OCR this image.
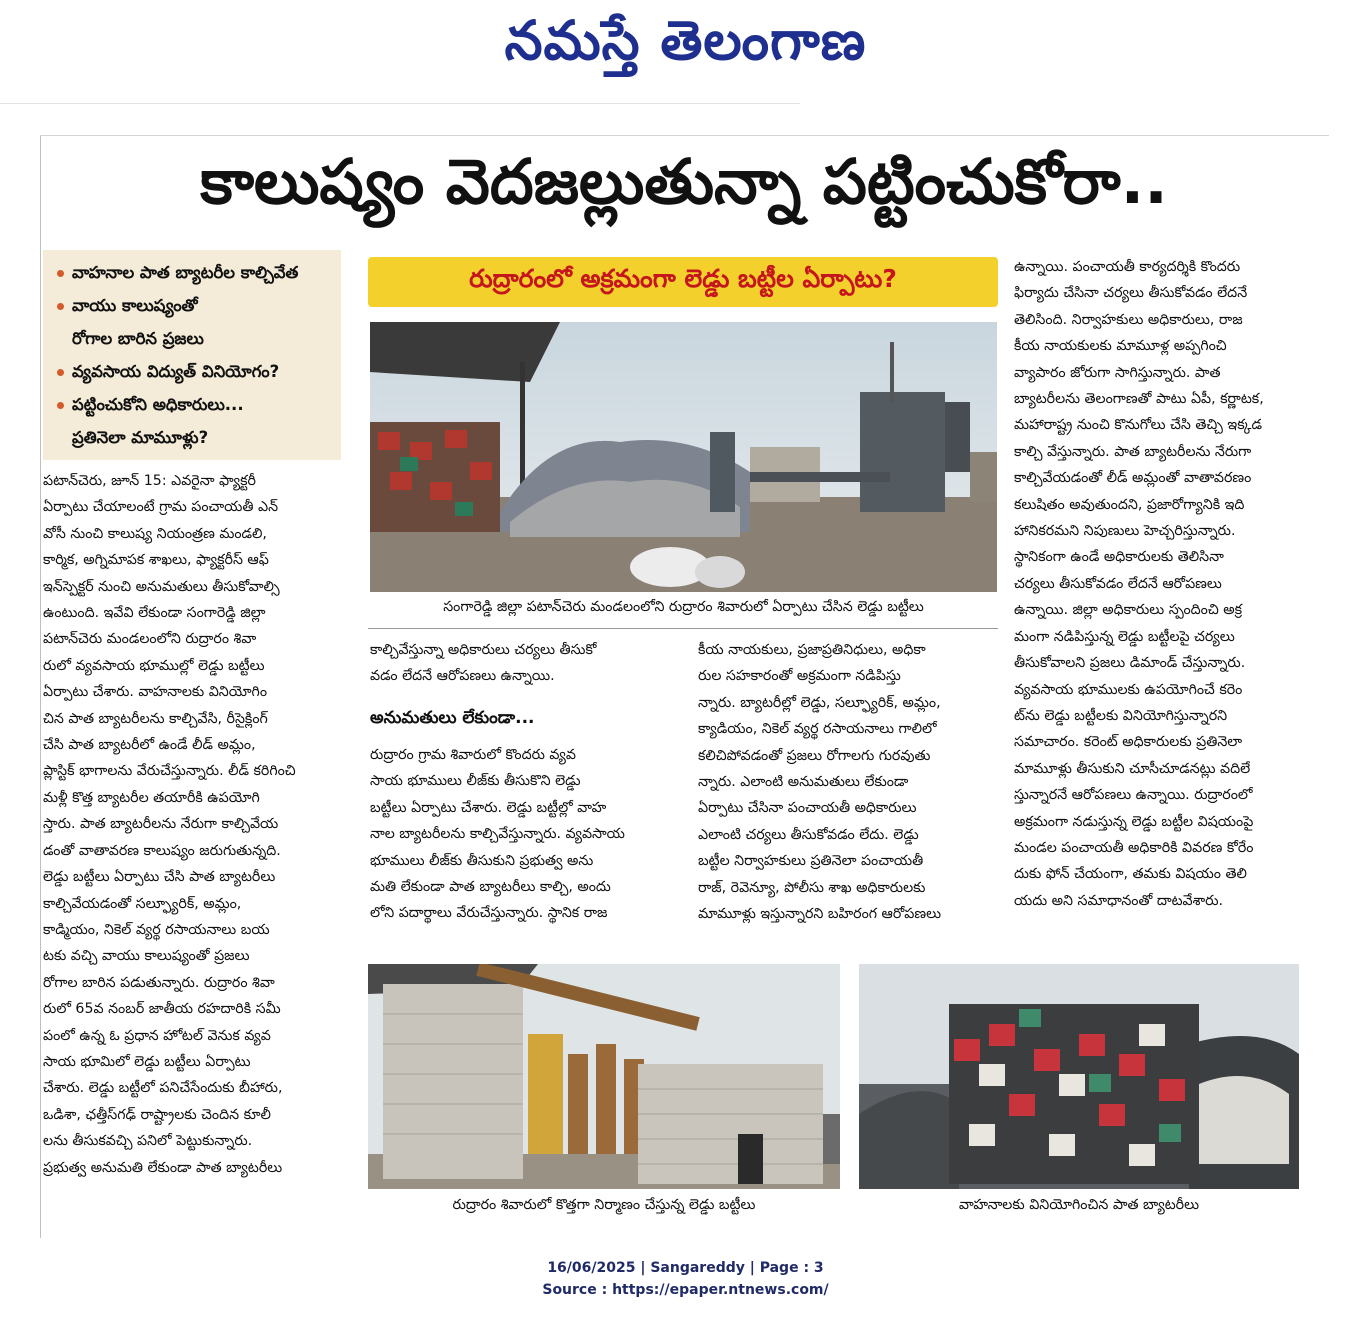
నమస్తే తెలంగాణ
కాలుష్యం వెదజల్లుతున్నా పట్టించుకోరా..
వాహనాల పాత బ్యాటరీల కాల్చివేత
వాయు కాలుష్యంతో
రోగాల బారిన ప్రజలు
వ్యవసాయ విద్యుత్ వినియోగం?
పట్టించుకోని అధికారులు...
ప్రతినెలా మామూళ్లు?

పటాన్‌చెరు, జూన్ 15: ఎవరైనా ఫ్యాక్టరీ

ఏర్పాటు చేయాలంటే గ్రామ పంచాయతీ ఎన్

వోసీ నుంచి కాలుష్య నియంత్రణ మండలి,

కార్మిక, అగ్నిమాపక శాఖలు, ఫ్యాక్టరీస్ ఆఫ్

ఇన్‌స్పెక్టర్ నుంచి అనుమతులు తీసుకోవాల్సి

ఉంటుంది. ఇవేవి లేకుండా సంగారెడ్డి జిల్లా

పటాన్‌చెరు మండలంలోని రుద్రారం శివా

రులో వ్యవసాయ భూముల్లో లెడ్డు బట్టీలు

ఏర్పాటు చేశారు. వాహనాలకు వినియోగిం

చిన పాత బ్యాటరీలను కాల్చివేసి, రీసైక్లింగ్

చేసి పాత బ్యాటరీలో ఉండే లీడ్ అమ్లం,

ప్లాస్టిక్ భాగాలను వేరుచేస్తున్నారు. లీడ్ కరిగించి

మళ్లీ కొత్త బ్యాటరీల తయారీకి ఉపయోగి

స్తారు. పాత బ్యాటరీలను నేరుగా కాల్చివేయ

డంతో వాతావరణ కాలుష్యం జరుగుతున్నది.

లెడ్డు బట్టీలు ఏర్పాటు చేసి పాత బ్యాటరీలు

కాల్చివేయడంతో సల్ఫ్యూరిక్, అమ్లం,

కాడ్మియం, నికెల్ వ్యర్థ రసాయనాలు బయ

టకు వచ్చి వాయు కాలుష్యంతో ప్రజలు

రోగాల బారిన పడుతున్నారు. రుద్రారం శివా

రులో 65వ నంబర్ జాతీయ రహదారికి సమీ

పంలో ఉన్న ఓ ప్రధాన హోటల్ వెనుక వ్యవ

సాయ భూమిలో లెడ్డు బట్టీలు ఏర్పాటు

చేశారు. లెడ్డు బట్టీలో పనిచేసేందుకు బీహారు,

ఒడిశా, ఛత్తీస్‌గఢ్ రాష్ట్రాలకు చెందిన కూలీ

లను తీసుకవచ్చి పనిలో పెట్టుకున్నారు.

ప్రభుత్వ అనుమతి లేకుండా పాత బ్యాటరీలు

రుద్రారంలో అక్రమంగా లెడ్డు బట్టీల ఏర్పాటు?
సంగారెడ్డి జిల్లా పటాన్‌చెరు మండలంలోని రుద్రారం శివారులో ఏర్పాటు చేసిన లెడ్డు బట్టీలు

కాల్చివేస్తున్నా అధికారులు చర్యలు తీసుకో

వడం లేదనే ఆరోపణలు ఉన్నాయి.

అనుమతులు లేకుండా...

రుద్రారం గ్రామ శివారులో కొందరు వ్యవ

సాయ భూములు లీజ్‌కు తీసుకొని లెడ్డు

బట్టీలు ఏర్పాటు చేశారు. లెడ్డు బట్టీల్లో వాహ

నాల బ్యాటరీలను కాల్చివేస్తున్నారు. వ్యవసాయ

భూములు లీజ్‌కు తీసుకుని ప్రభుత్వ అను

మతి లేకుండా పాత బ్యాటరీలు కాల్చి, అందు

లోని పదార్థాలు వేరుచేస్తున్నారు. స్థానిక రాజ

కీయ నాయకులు, ప్రజాప్రతినిధులు, అధికా

రుల సహకారంతో అక్రమంగా నడిపిస్తు

న్నారు. బ్యాటరీల్లో లెడ్డు, సల్ఫ్యూరిక్, అమ్లం,

క్యాడియం, నికెల్ వ్యర్థ రసాయనాలు గాలిలో

కలిచిపోవడంతో ప్రజలు రోగాలగు గురవుతు

న్నారు. ఎలాంటి అనుమతులు లేకుండా

ఏర్పాటు చేసినా పంచాయతీ అధికారులు

ఎలాంటి చర్యలు తీసుకోవడం లేదు. లెడ్డు

బట్టీల నిర్వాహకులు ప్రతినెలా పంచాయతీ

రాజ్, రెవెన్యూ, పోలీసు శాఖ అధికారులకు

మామూళ్లు ఇస్తున్నారని బహిరంగ ఆరోపణలు

ఉన్నాయి. పంచాయతీ కార్యదర్శికి కొందరు

ఫిర్యాదు చేసినా చర్యలు తీసుకోవడం లేదనే

తెలిసింది. నిర్వాహకులు అధికారులు, రాజ

కీయ నాయకులకు మామూళ్ల అప్పగించి

వ్యాపారం జోరుగా సాగిస్తున్నారు. పాత

బ్యాటరీలను తెలంగాణతో పాటు ఏపీ, కర్ణాటక,

మహారాష్ట్ర నుంచి కొనుగోలు చేసి తెచ్చి ఇక్కడ

కాల్చి వేస్తున్నారు. పాత బ్యాటరీలను నేరుగా

కాల్చివేయడంతో లీడ్ అమ్లంతో వాతావరణం

కలుషితం అవుతుందని, ప్రజారోగ్యానికి ఇది

హానికరమని నిపుణులు హెచ్చరిస్తున్నారు.

స్థానికంగా ఉండే అధికారులకు తెలిసినా

చర్యలు తీసుకోవడం లేదనే ఆరోపణలు

ఉన్నాయి. జిల్లా అధికారులు స్పందించి అక్ర

మంగా నడిపిస్తున్న లెడ్డు బట్టీలపై చర్యలు

తీసుకోవాలని ప్రజలు డిమాండ్ చేస్తున్నారు.

వ్యవసాయ భూములకు ఉపయోగించే కరెం

ట్‌ను లెడ్డు బట్టీలకు వినియోగిస్తున్నారని

సమాచారం. కరెంట్ అధికారులకు ప్రతినెలా

మామూళ్లు తీసుకుని చూసీచూడనట్లు వదిలే

స్తున్నారనే ఆరోపణలు ఉన్నాయి. రుద్రారంలో

అక్రమంగా నడుస్తున్న లెడ్డు బట్టీల విషయంపై

మండల పంచాయతీ అధికారికి వివరణ కోరేం

దుకు ఫోన్ చేయంగా, తమకు విషయం తెలి

యదు అని సమాధానంతో దాటవేశారు.

రుద్రారం శివారులో కొత్తగా నిర్మాణం చేస్తున్న లెడ్డు బట్టీలు	వాహనాలకు వినియోగించిన పాత బ్యాటరీలు
16/06/2025 | Sangareddy | Page : 3
Source : https://epaper.ntnews.com/
